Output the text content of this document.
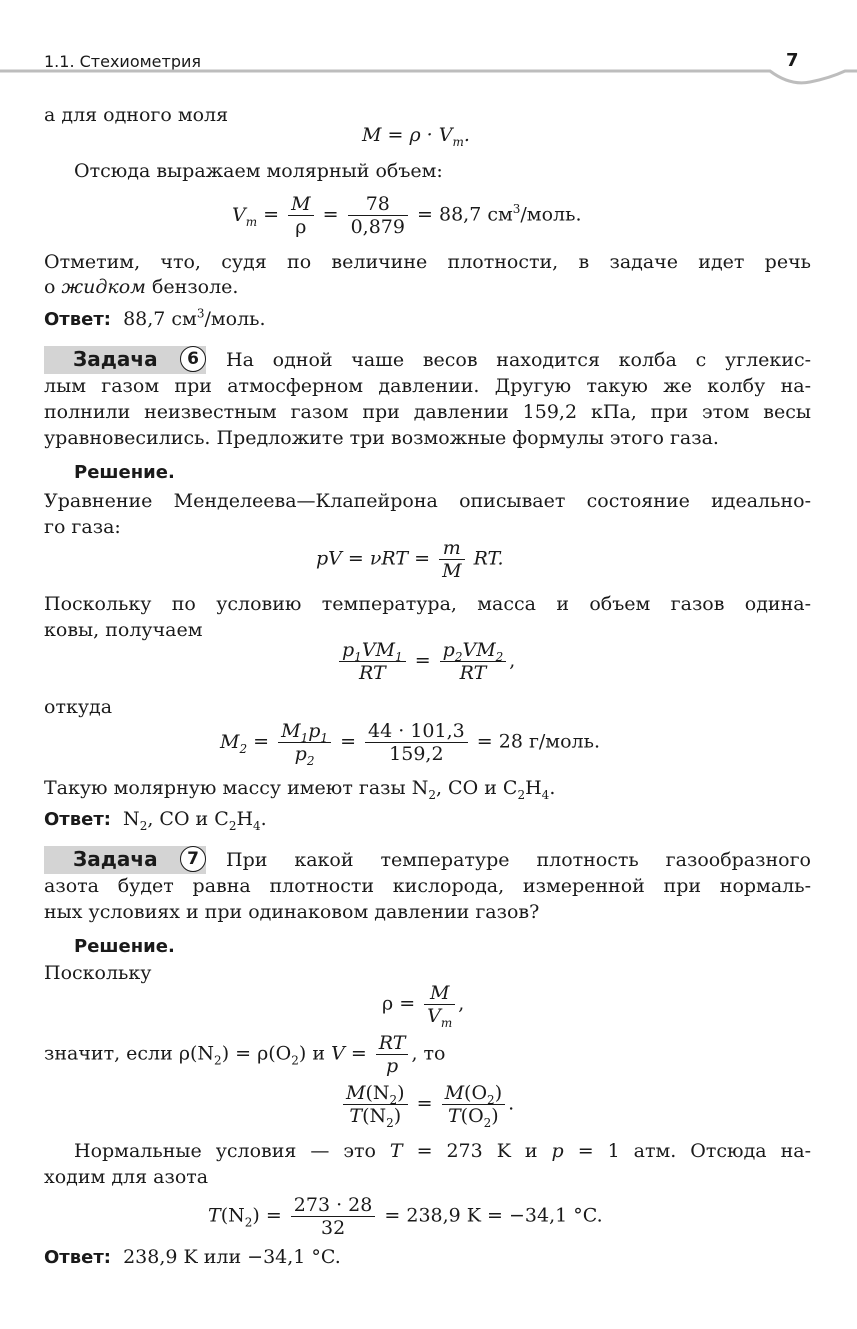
1.1. Стехиометрия	7
а для одного моля
$M = \rho \cdot V_m$.
Отсюда выражаем молярный объем:
$V_m = \frac{M}{\rho} = \frac{78}{0,879} = 88,7$ $см^3$/моль.
Отметим, что, судя по величине плотности, в задаче идет речь
о жидком бензоле.
Ответ: 88,7 $см^3$/моль.
Задача	6	На одной чаше весов находится колба с углекис-
лым газом при атмосферном давлении. Другую такую же колбу на-
полнили неизвестным газом при давлении 159,2 кПа, при этом весы
уравновесились. Предложите три возможные формулы этого газа.
Решение.
Уравнение Менделеева—Клапейрона описывает состояние идеально-
го газа:
pV = $\nu RT = \frac{m}{M}$ RT.
Поскольку по условию температура, масса и объем газов одина-
ковы, получаем
$\frac{p_1VM_1}{RT} = \frac{p_2VM_2}{RT}$ ,
откуда
$M_2 = \frac{M_1p_1}{p_2} = \frac{44 \cdot 101,3}{159,2} = 28$ г/моль.
Такую молярную массу имеют газы $N_2$, CO и $C_2H_4$.
Ответ:  $N_2$, CO и $C_2H_4$.
Задача	7	При какой температуре плотность газообразного
азота будет равна плотности кислорода, измеренной при нормаль-
ных условиях и при одинаковом давлении газов?
Решение.
Поскольку
$\rho = \frac{M}{V_m}$ ,
значит, если $\rho(N_2) = \rho(O_2)$ и $V = \frac{RT}{p}$ , то
$\frac{M(N_2)}{T(N_2)} = \frac{M(O_2)}{T(O_2)}$ .
Нормальные условия — это T = 273 K и p = 1 атм. Отсюда на-
ходим для азота
$T(N_2) = \frac{273 \cdot 28}{32} = 238,9$ K = −34,1 °C.
Ответ: 238,9 K или −34,1 °C.
